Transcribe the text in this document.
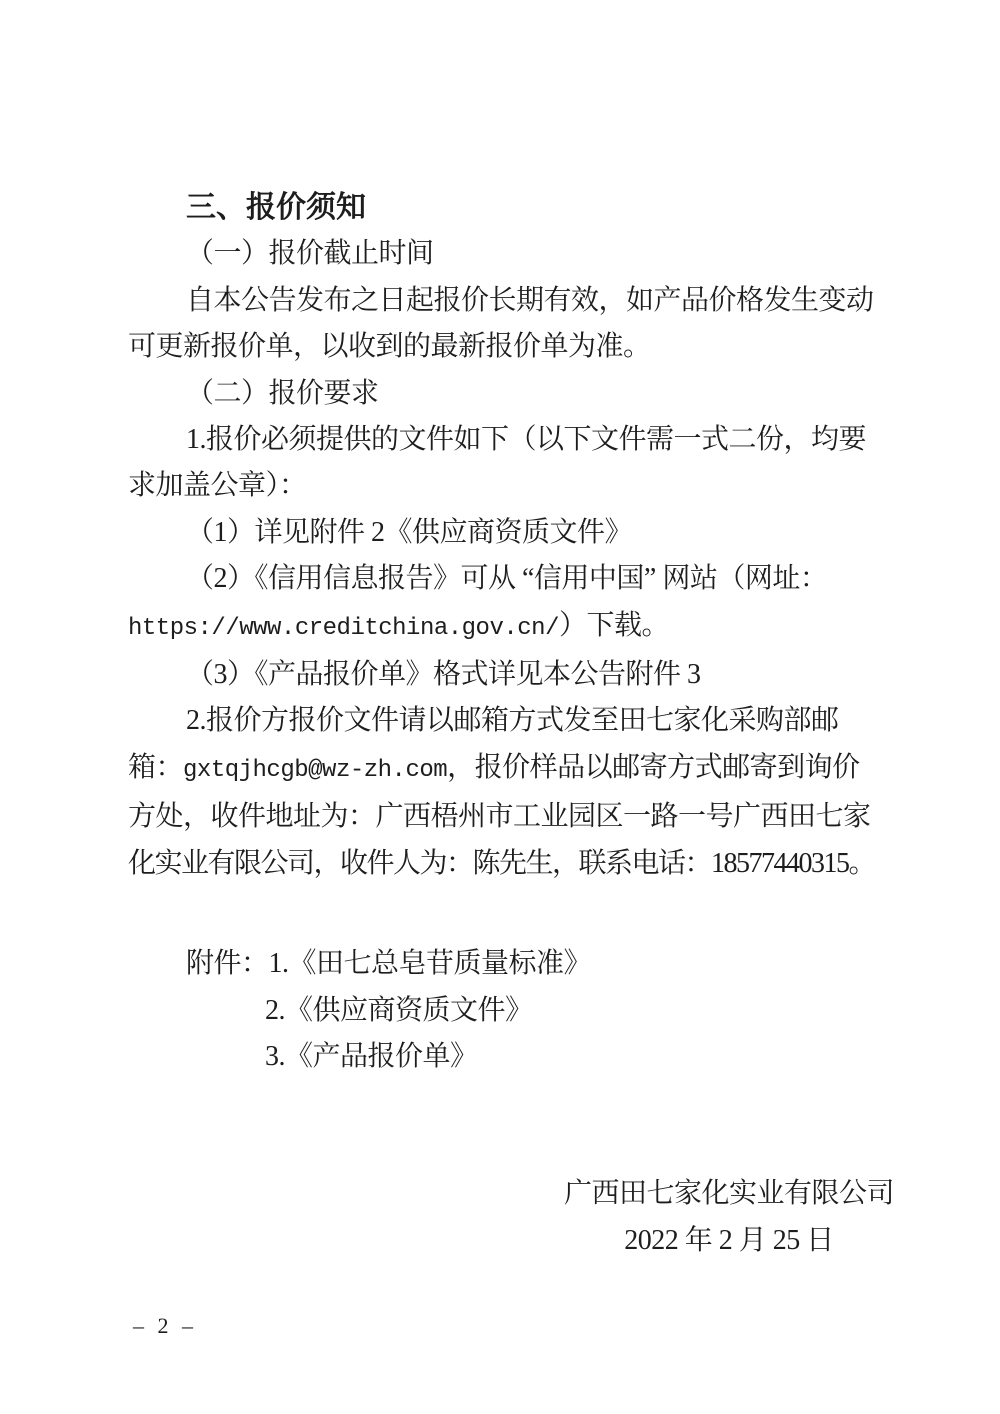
三、报价须知

（一）报价截止时间

自本公告发布之日起报价长期有效，如产品价格发生变动

可更新报价单，以收到的最新报价单为准。

（二）报价要求

1.报价必须提供的文件如下（以下文件需一式二份，均要

求加盖公章）：

（1）详见附件 2《供应商资质文件》

（2）《信用信息报告》可从 “信用中国” 网站（网址：

https://www.creditchina.gov.cn/）下载。

（3）《产品报价单》格式详见本公告附件 3

2.报价方报价文件请以邮箱方式发至田七家化采购部邮

箱：gxtqjhcgb@wz-zh.com，报价样品以邮寄方式邮寄到询价

方处，收件地址为：广西梧州市工业园区一路一号广西田七家

化实业有限公司，收件人为：陈先生，联系电话：18577440315。

附件：1.《田七总皂苷质量标准》

2.《供应商资质文件》

3.《产品报价单》

广西田七家化实业有限公司

2022 年 2 月 25 日

– 2 –
